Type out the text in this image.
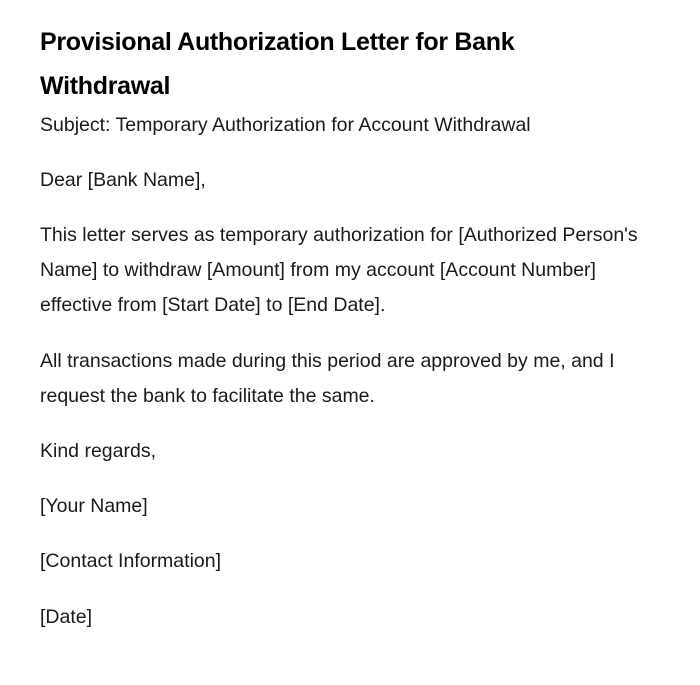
Provisional Authorization Letter for Bank Withdrawal

Subject: Temporary Authorization for Account Withdrawal

Dear [Bank Name],

This letter serves as temporary authorization for [Authorized Person's Name] to withdraw [Amount] from my account [Account Number] effective from [Start Date] to [End Date].

All transactions made during this period are approved by me, and I request the bank to facilitate the same.

Kind regards,

[Your Name]

[Contact Information]

[Date]
